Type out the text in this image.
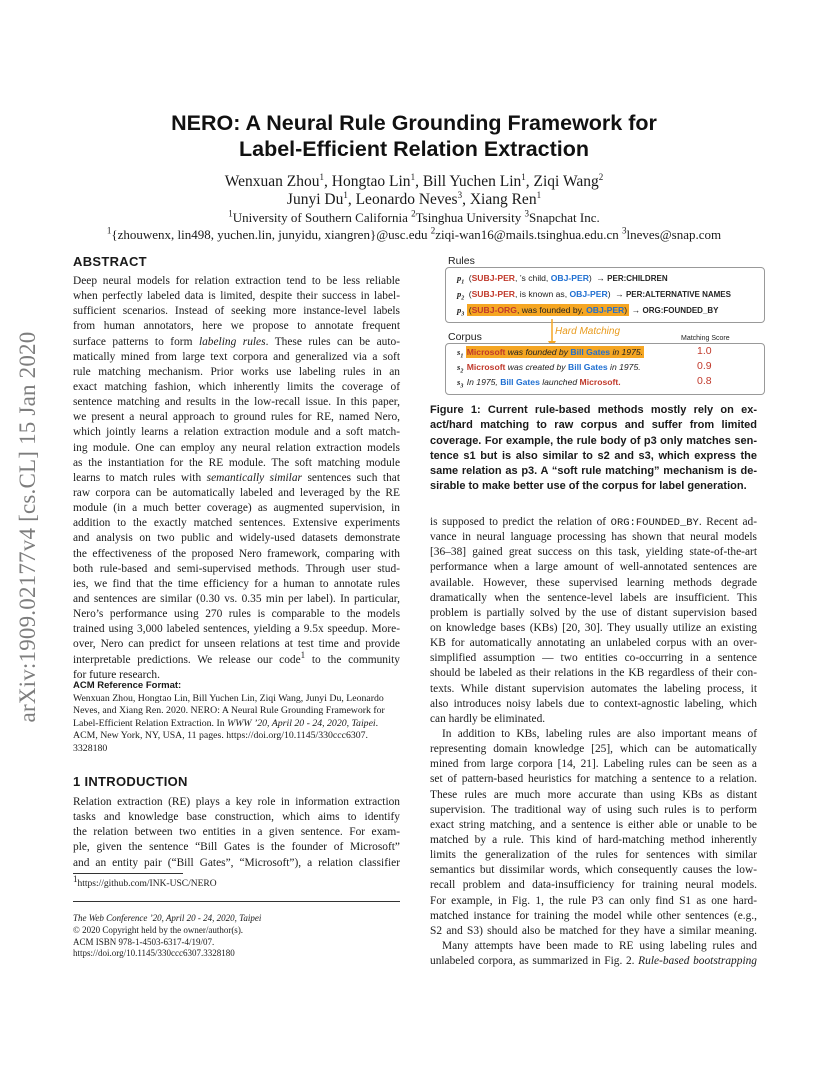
arXiv:1909.02177v4 [cs.CL] 15 Jan 2020
NERO: A Neural Rule Grounding Framework for
Label-Efficient Relation Extraction
Wenxuan Zhou$^1$, Hongtao Lin$^1$, Bill Yuchen Lin$^1$, Ziqi Wang$^2$
Junyi Du$^1$, Leonardo Neves$^3$, Xiang Ren$^1$
$^1$University of Southern California $^2$Tsinghua University $^3$Snapchat Inc.
$^1${zhouwenx, lin498, yuchen.lin, junyidu, xiangren}@usc.edu $^2$ziqi-wan16@mails.tsinghua.edu.cn $^3$lneves@snap.com
ABSTRACT
Deep neural models for relation extraction tend to be less reliable
when perfectly labeled data is limited, despite their success in label-
sufficient scenarios. Instead of seeking more instance-level labels
from human annotators, here we propose to annotate frequent
surface patterns to form labeling rules. These rules can be auto-
matically mined from large text corpora and generalized via a soft
rule matching mechanism. Prior works use labeling rules in an
exact matching fashion, which inherently limits the coverage of
sentence matching and results in the low-recall issue. In this paper,
we present a neural approach to ground rules for RE, named Nero,
which jointly learns a relation extraction module and a soft match-
ing module. One can employ any neural relation extraction models
as the instantiation for the RE module. The soft matching module
learns to match rules with semantically similar sentences such that
raw corpora can be automatically labeled and leveraged by the RE
module (in a much better coverage) as augmented supervision, in
addition to the exactly matched sentences. Extensive experiments
and analysis on two public and widely-used datasets demonstrate
the effectiveness of the proposed Nero framework, comparing with
both rule-based and semi-supervised methods. Through user stud-
ies, we find that the time efficiency for a human to annotate rules
and sentences are similar (0.30 vs. 0.35 min per label). In particular,
Nero’s performance using 270 rules is comparable to the models
trained using 3,000 labeled sentences, yielding a 9.5x speedup. More-
over, Nero can predict for unseen relations at test time and provide
interpretable predictions. We release our code$^1$ to the community
for future research.
ACM Reference Format:
Wenxuan Zhou, Hongtao Lin, Bill Yuchen Lin, Ziqi Wang, Junyi Du, Leonardo
Neves, and Xiang Ren. 2020. NERO: A Neural Rule Grounding Framework for
Label-Efficient Relation Extraction. In WWW ’20, April 20 - 24, 2020, Taipei.
ACM, New York, NY, USA, 11 pages. https://doi.org/10.1145/330ccc6307.
3328180
1 INTRODUCTION
Relation extraction (RE) plays a key role in information extraction
tasks and knowledge base construction, which aims to identify
the relation between two entities in a given sentence. For exam-
ple, given the sentence “Bill Gates is the founder of Microsoft”
and an entity pair (“Bill Gates”, “Microsoft”), a relation classifier
$^1$https://github.com/INK-USC/NERO
The Web Conference ’20, April 20 - 24, 2020, Taipei
© 2020 Copyright held by the owner/author(s).
ACM ISBN 978-1-4503-6317-4/19/07.
https://doi.org/10.1145/330ccc6307.3328180
Rules
$p_1$ (SUBJ-PER, ’s child, OBJ-PER) → PER:CHILDREN
$p_2$ (SUBJ-PER, is known as, OBJ-PER) → PER:ALTERNATIVE NAMES
$p_3$ (SUBJ-ORG, was founded by, OBJ-PER) → ORG:FOUNDED_BY
Hard Matching
Corpus	Matching Score
$s_1$ Microsoft was founded by Bill Gates in 1975.	1.0
$s_2$ Microsoft was created by Bill Gates in 1975.	0.9
$s_3$ In 1975, Bill Gates launched Microsoft.	0.8
Figure 1: Current rule-based methods mostly rely on ex-
act/hard matching to raw corpus and suffer from limited
coverage. For example, the rule body of p3 only matches sen-
tence s1 but is also similar to s2 and s3, which express the
same relation as p3. A “soft rule matching” mechanism is de-
sirable to make better use of the corpus for label generation.
is supposed to predict the relation of ORG:FOUNDED_BY. Recent ad-
vance in neural language processing has shown that neural models
[36–38] gained great success on this task, yielding state-of-the-art
performance when a large amount of well-annotated sentences are
available. However, these supervised learning methods degrade
dramatically when the sentence-level labels are insufficient. This
problem is partially solved by the use of distant supervision based
on knowledge bases (KBs) [20, 30]. They usually utilize an existing
KB for automatically annotating an unlabeled corpus with an over-
simplified assumption — two entities co-occurring in a sentence
should be labeled as their relations in the KB regardless of their con-
texts. While distant supervision automates the labeling process, it
also introduces noisy labels due to context-agnostic labeling, which
can hardly be eliminated.
In addition to KBs, labeling rules are also important means of
representing domain knowledge [25], which can be automatically
mined from large corpora [14, 21]. Labeling rules can be seen as a
set of pattern-based heuristics for matching a sentence to a relation.
These rules are much more accurate than using KBs as distant
supervision. The traditional way of using such rules is to perform
exact string matching, and a sentence is either able or unable to be
matched by a rule. This kind of hard-matching method inherently
limits the generalization of the rules for sentences with similar
semantics but dissimilar words, which consequently causes the low-
recall problem and data-insufficiency for training neural models.
For example, in Fig. 1, the rule P3 can only find S1 as one hard-
matched instance for training the model while other sentences (e.g.,
S2 and S3) should also be matched for they have a similar meaning.
Many attempts have been made to RE using labeling rules and
unlabeled corpora, as summarized in Fig. 2. Rule-based bootstrapping
